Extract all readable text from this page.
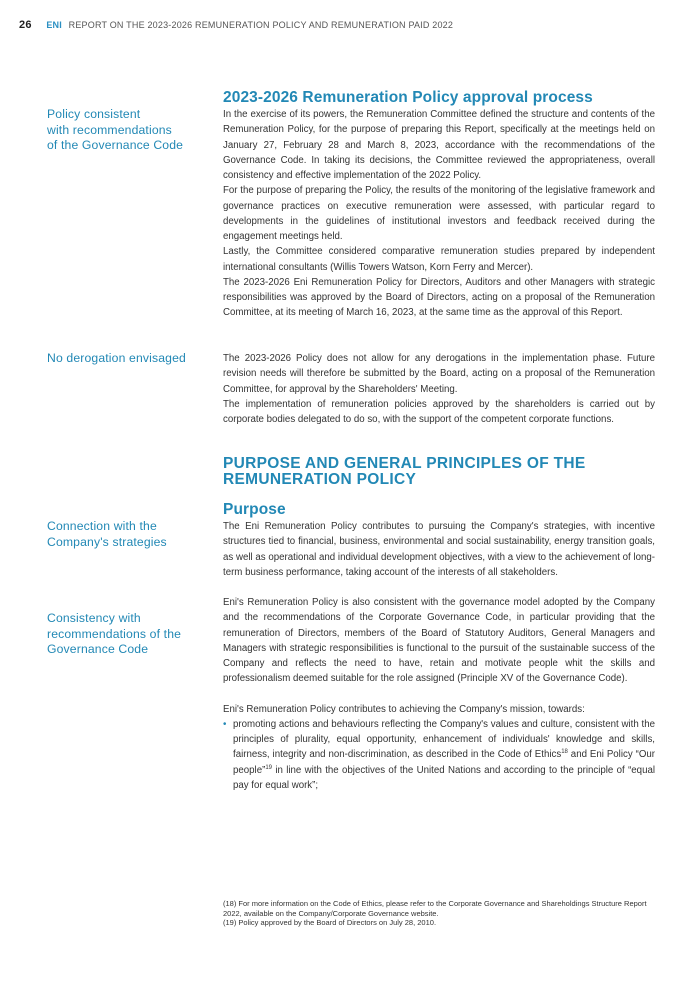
26 ENI REPORT ON THE 2023-2026 REMUNERATION POLICY AND REMUNERATION PAID 2022
Policy consistent
with recommendations
of the Governance Code
No derogation envisaged
Connection with the
Company's strategies
Consistency with
recommendations of the
Governance Code
2023-2026 Remuneration Policy approval process

In the exercise of its powers, the Remuneration Committee defined the structure and contents of the Remuneration Policy, for the purpose of preparing this Report, specifically at the meetings held on January 27, February 28 and March 8, 2023, accordance with the recommendations of the Governance Code. In taking its decisions, the Committee reviewed the appropriateness, overall consistency and effective implementation of the 2022 Policy.

For the purpose of preparing the Policy, the results of the monitoring of the legislative framework and governance practices on executive remuneration were assessed, with particular regard to developments in the guidelines of institutional investors and feedback received during the engagement meetings held.

Lastly, the Committee considered comparative remuneration studies prepared by independent international consultants (Willis Towers Watson, Korn Ferry and Mercer).

The 2023-2026 Eni Remuneration Policy for Directors, Auditors and other Managers with strategic responsibilities was approved by the Board of Directors, acting on a proposal of the Remuneration Committee, at its meeting of March 16, 2023, at the same time as the approval of this Report.

The 2023-2026 Policy does not allow for any derogations in the implementation phase. Future revision needs will therefore be submitted by the Board, acting on a proposal of the Remuneration Committee, for approval by the Shareholders' Meeting.

The implementation of remuneration policies approved by the shareholders is carried out by corporate bodies delegated to do so, with the support of the competent corporate functions.

PURPOSE AND GENERAL PRINCIPLES OF THE
REMUNERATION POLICY
Purpose

The Eni Remuneration Policy contributes to pursuing the Company's strategies, with incentive structures tied to financial, business, environmental and social sustainability, energy transition goals, as well as operational and individual development objectives, with a view to the achievement of long-term business performance, taking account of the interests of all stakeholders.

Eni's Remuneration Policy is also consistent with the governance model adopted by the Company and the recommendations of the Corporate Governance Code, in particular providing that the remuneration of Directors, members of the Board of Statutory Auditors, General Managers and Managers with strategic responsibilities is functional to the pursuit of the sustainable success of the Company and reflects the need to have, retain and motivate people whit the skills and professionalism deemed suitable for the role assigned (Principle XV of the Governance Code).

Eni's Remuneration Policy contributes to achieving the Company's mission, towards:

• promoting actions and behaviours reflecting the Company's values and culture, consistent with the principles of plurality, equal opportunity, enhancement of individuals' knowledge and skills, fairness, integrity and non-discrimination, as described in the Code of Ethics$^{18}$ and Eni Policy “Our people”$^{19}$ in line with the objectives of the United Nations and according to the principle of “equal pay for equal work”;
(18) For more information on the Code of Ethics, please refer to the Corporate Governance and Shareholdings Structure Report 2022, available on the Company/Corporate Governance website.
(19) Policy approved by the Board of Directors on July 28, 2010.
